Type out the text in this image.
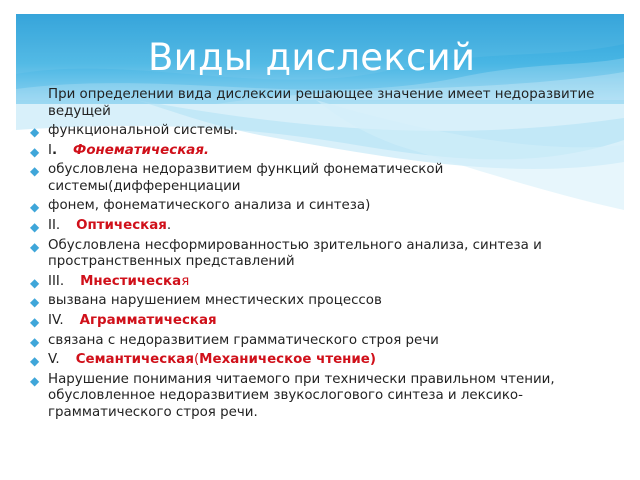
Виды дислексий
При определении вида дислексии решающее значение имеет недоразвитие ведущей
◆ функциональной системы.
◆ I. Фонематическая.
◆ обусловлена недоразвитием функций фонематической системы(дифференциации
◆ фонем, фонематического анализа и синтеза)
◆ II. Оптическая.
◆ Обусловлена несформированностью зрительного анализа, синтеза и пространственных представлений
◆ III. Мнестическая
◆ вызвана нарушением мнестических процессов
◆ IV. Аграмматическая
◆ связана с недоразвитием грамматического строя речи
◆ V. Семантическая(Механическое чтение)
◆ Нарушение понимания читаемого при технически правильном чтении, обусловленное недоразвитием звукослогового синтеза и лексико-грамматического строя речи.
